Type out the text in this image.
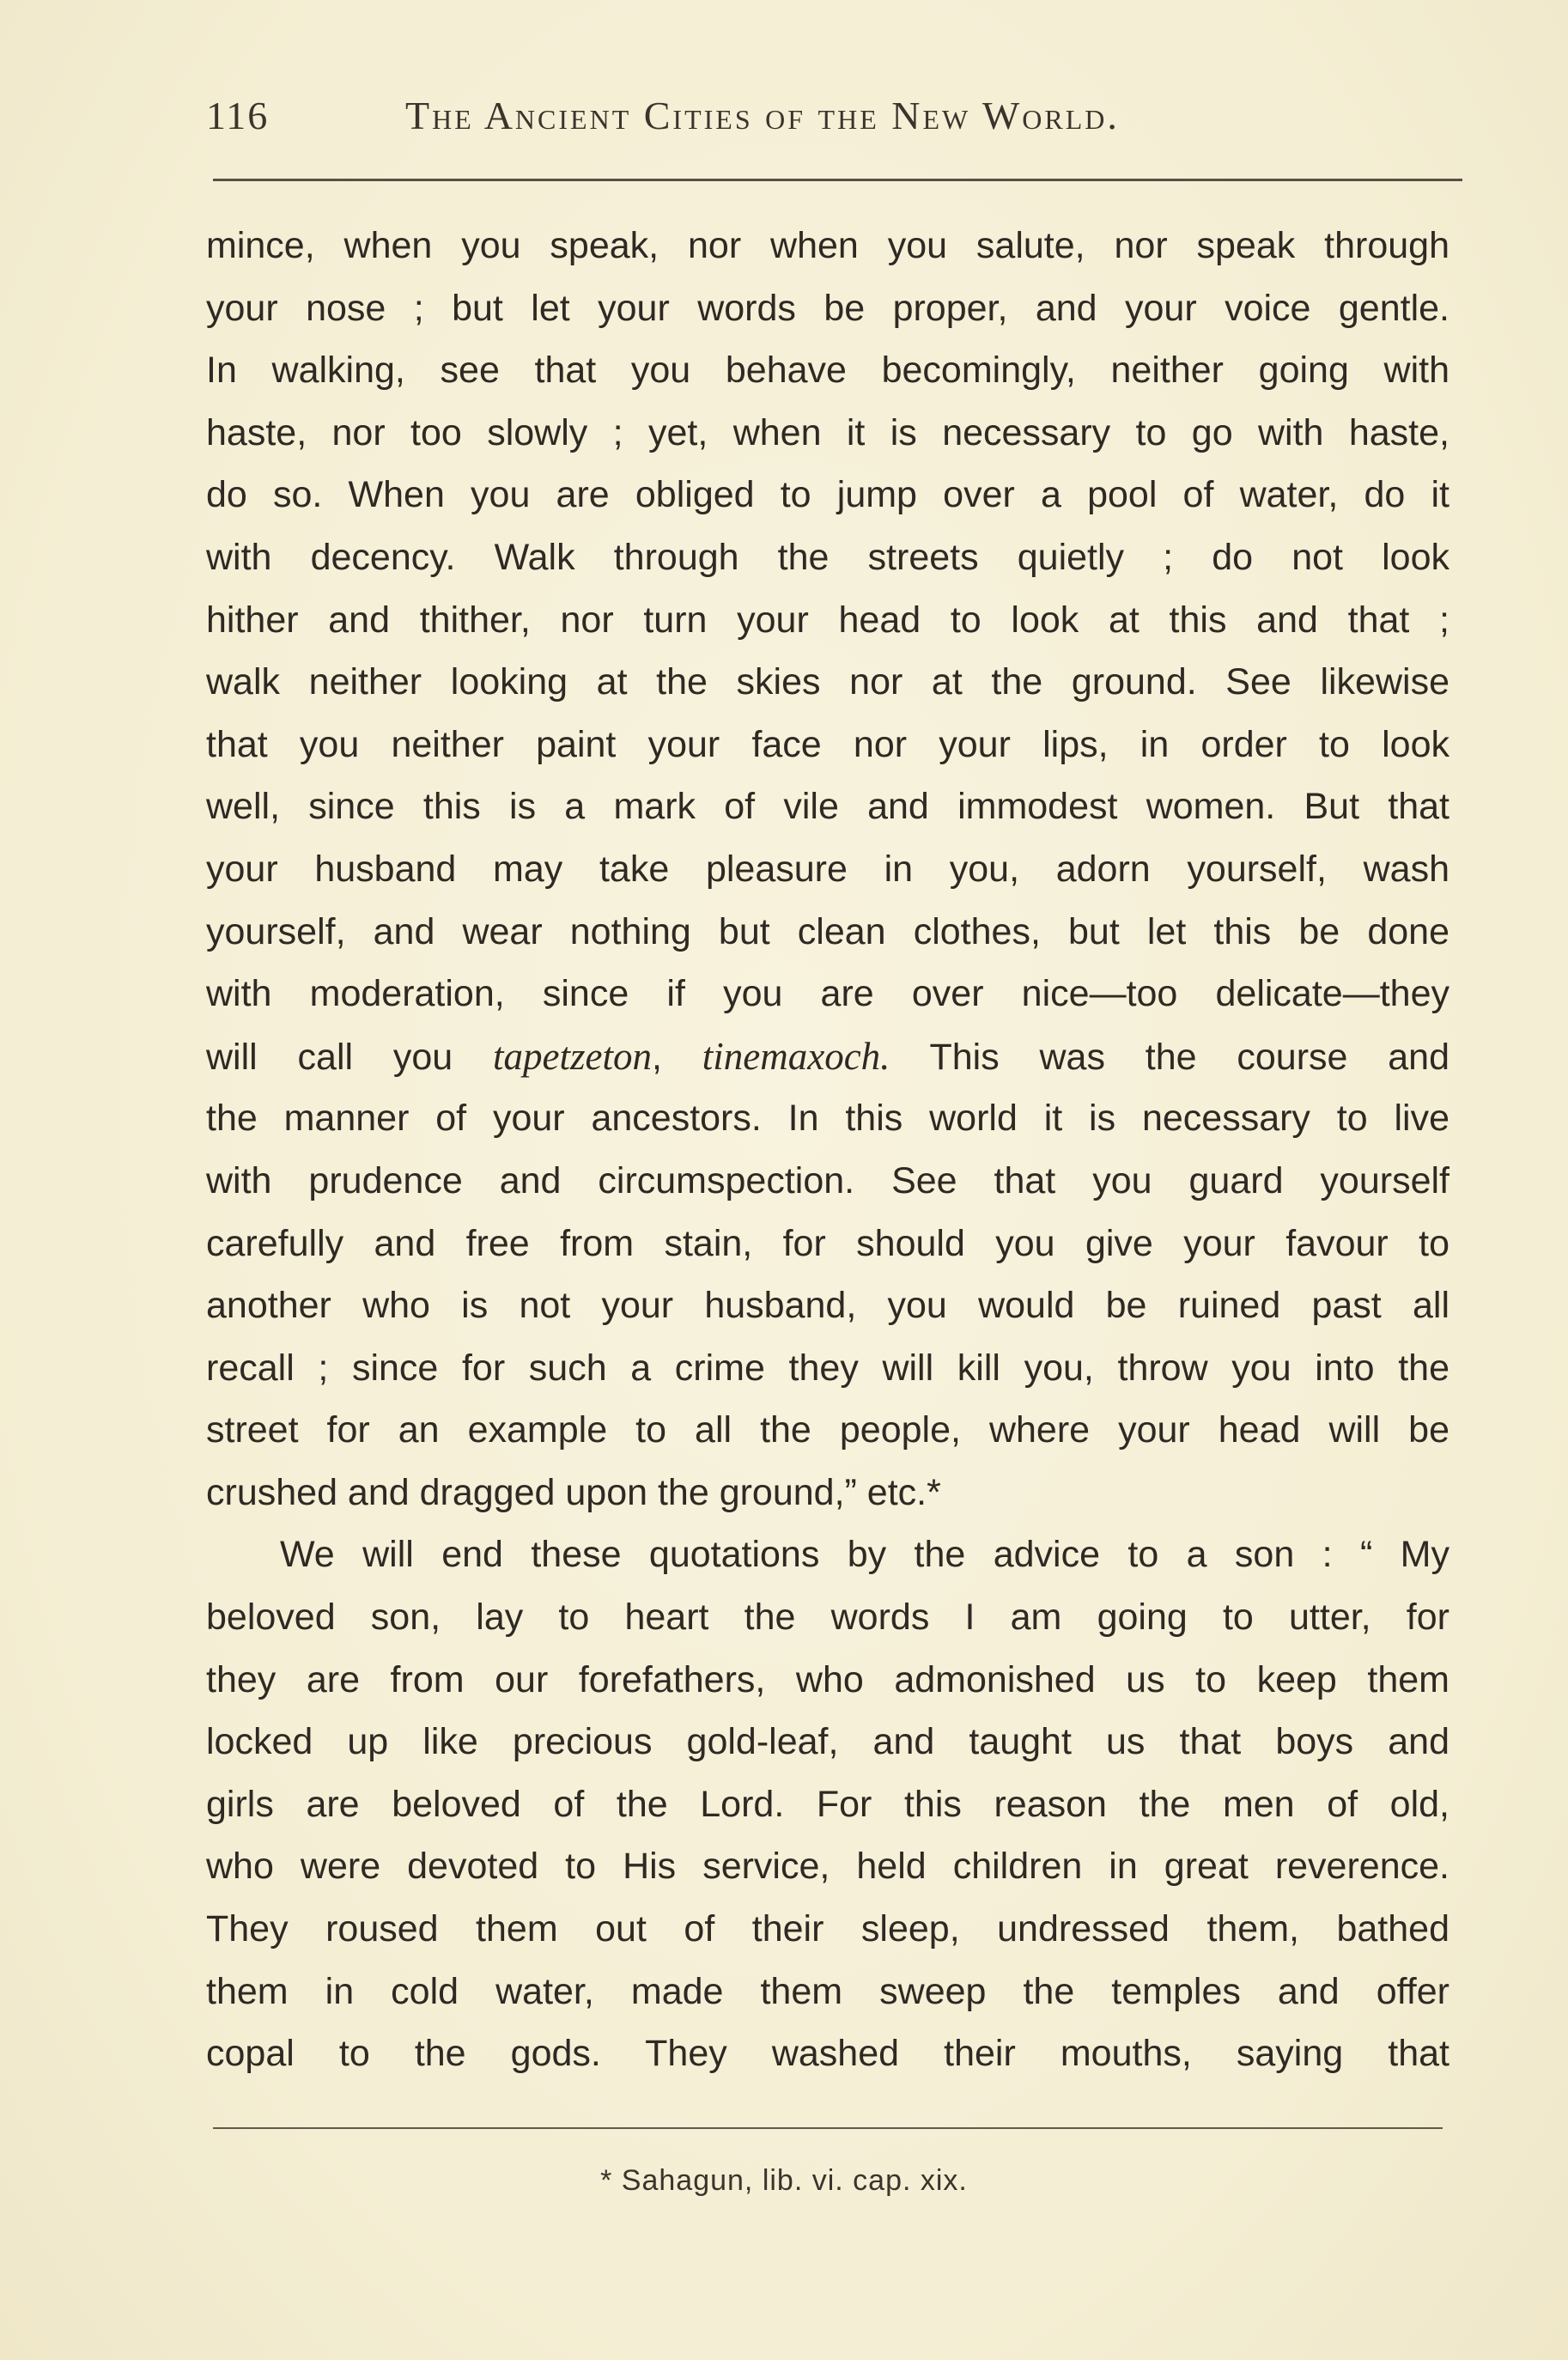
116	The Ancient Cities of the New World.
mince, when you speak, nor when you salute, nor speak through
your nose ; but let your words be proper, and your voice gentle.
In walking, see that you behave becomingly, neither going with
haste, nor too slowly ; yet, when it is necessary to go with haste,
do so. When you are obliged to jump over a pool of water, do it
with decency. Walk through the streets quietly ; do not look
hither and thither, nor turn your head to look at this and that ;
walk neither looking at the skies nor at the ground. See likewise
that you neither paint your face nor your lips, in order to look
well, since this is a mark of vile and immodest women. But that
your husband may take pleasure in you, adorn yourself, wash
yourself, and wear nothing but clean clothes, but let this be done
with moderation, since if you are over nice—too delicate—they
will call you tapetzeton, tinemaxoch. This was the course and
the manner of your ancestors. In this world it is necessary to live
with prudence and circumspection. See that you guard yourself
carefully and free from stain, for should you give your favour to
another who is not your husband, you would be ruined past all
recall ; since for such a crime they will kill you, throw you into the
street for an example to all the people, where your head will be
crushed and dragged upon the ground,” etc.*
We will end these quotations by the advice to a son : “ My
beloved son, lay to heart the words I am going to utter, for
they are from our forefathers, who admonished us to keep them
locked up like precious gold-leaf, and taught us that boys and
girls are beloved of the Lord. For this reason the men of old,
who were devoted to His service, held children in great reverence.
They roused them out of their sleep, undressed them, bathed
them in cold water, made them sweep the temples and offer
copal to the gods. They washed their mouths, saying that
* Sahagun, lib. vi. cap. xix.
